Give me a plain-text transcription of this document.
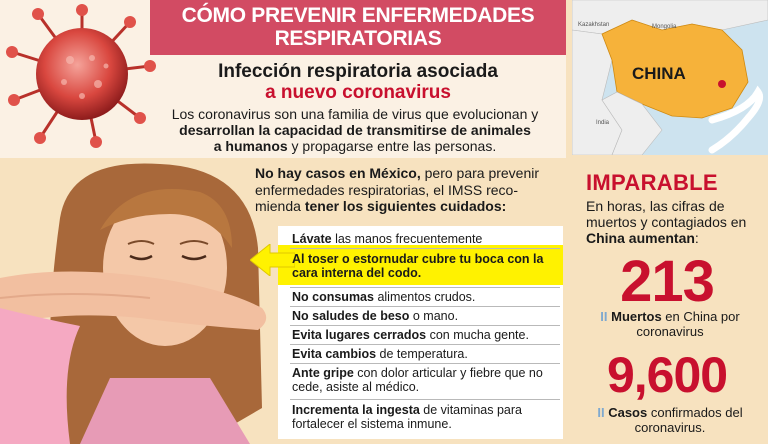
CÓMO PREVENIR ENFERMEDADES
RESPIRATORIAS
Infección respiratoria asociada
a nuevo coronavirus
Los coronavirus son una familia de virus que evolucionan y
desarrollan la capacidad de transmitirse de animales
a humanos y propagarse entre las personas.
No hay casos en México, pero para prevenir enfermedades respiratorias, el IMSS reco-mienda tener los siguientes cuidados:
Lávate las manos frecuentemente
Al toser o estornudar cubre tu boca con la cara interna del codo.
No consumas alimentos crudos.
No saludes de beso o mano.
Evita lugares cerrados con mucha gente.
Evita cambios de temperatura.
Ante gripe con dolor articular y fiebre que no cede, asiste al médico.
Incrementa la ingesta de vitaminas para fortalecer el sistema inmune.
Kazakhstan	Mongolia
India
CHINA
IMPARABLE
En horas, las cifras de muertos y contagiados en China aumentan:
213
II Muertos en China por coronavirus
9,600
II Casos confirmados del coronavirus.
